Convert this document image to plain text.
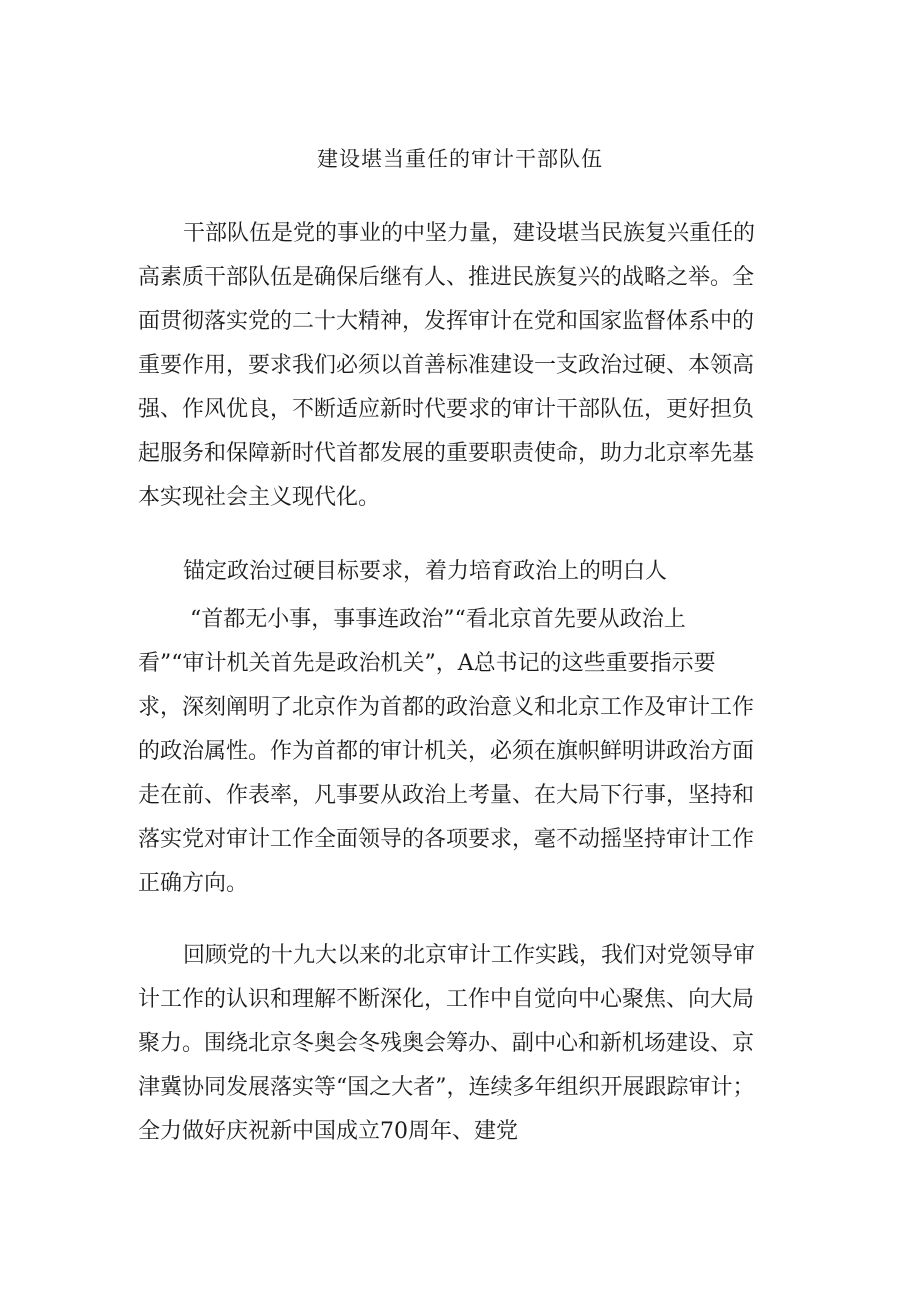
建设堪当重任的审计干部队伍
干部队伍是党的事业的中坚力量，建设堪当民族复兴重任的
高素质干部队伍是确保后继有人、推进民族复兴的战略之举。全
面贯彻落实党的二十大精神，发挥审计在党和国家监督体系中的
重要作用，要求我们必须以首善标准建设一支政治过硬、本领高
强、作风优良，不断适应新时代要求的审计干部队伍，更好担负
起服务和保障新时代首都发展的重要职责使命，助力北京率先基
本实现社会主义现代化。
锚定政治过硬目标要求，着力培育政治上的明白人
“首都无小事，事事连政治”“看北京首先要从政治上
看”“审计机关首先是政治机关”，A总书记的这些重要指示要
求，深刻阐明了北京作为首都的政治意义和北京工作及审计工作
的政治属性。作为首都的审计机关，必须在旗帜鲜明讲政治方面
走在前、作表率，凡事要从政治上考量、在大局下行事，坚持和
落实党对审计工作全面领导的各项要求，毫不动摇坚持审计工作
正确方向。
回顾党的十九大以来的北京审计工作实践，我们对党领导审
计工作的认识和理解不断深化，工作中自觉向中心聚焦、向大局
聚力。围绕北京冬奥会冬残奥会筹办、副中心和新机场建设、京
津冀协同发展落实等“国之大者”，连续多年组织开展跟踪审计；
全力做好庆祝新中国成立70周年、建党
